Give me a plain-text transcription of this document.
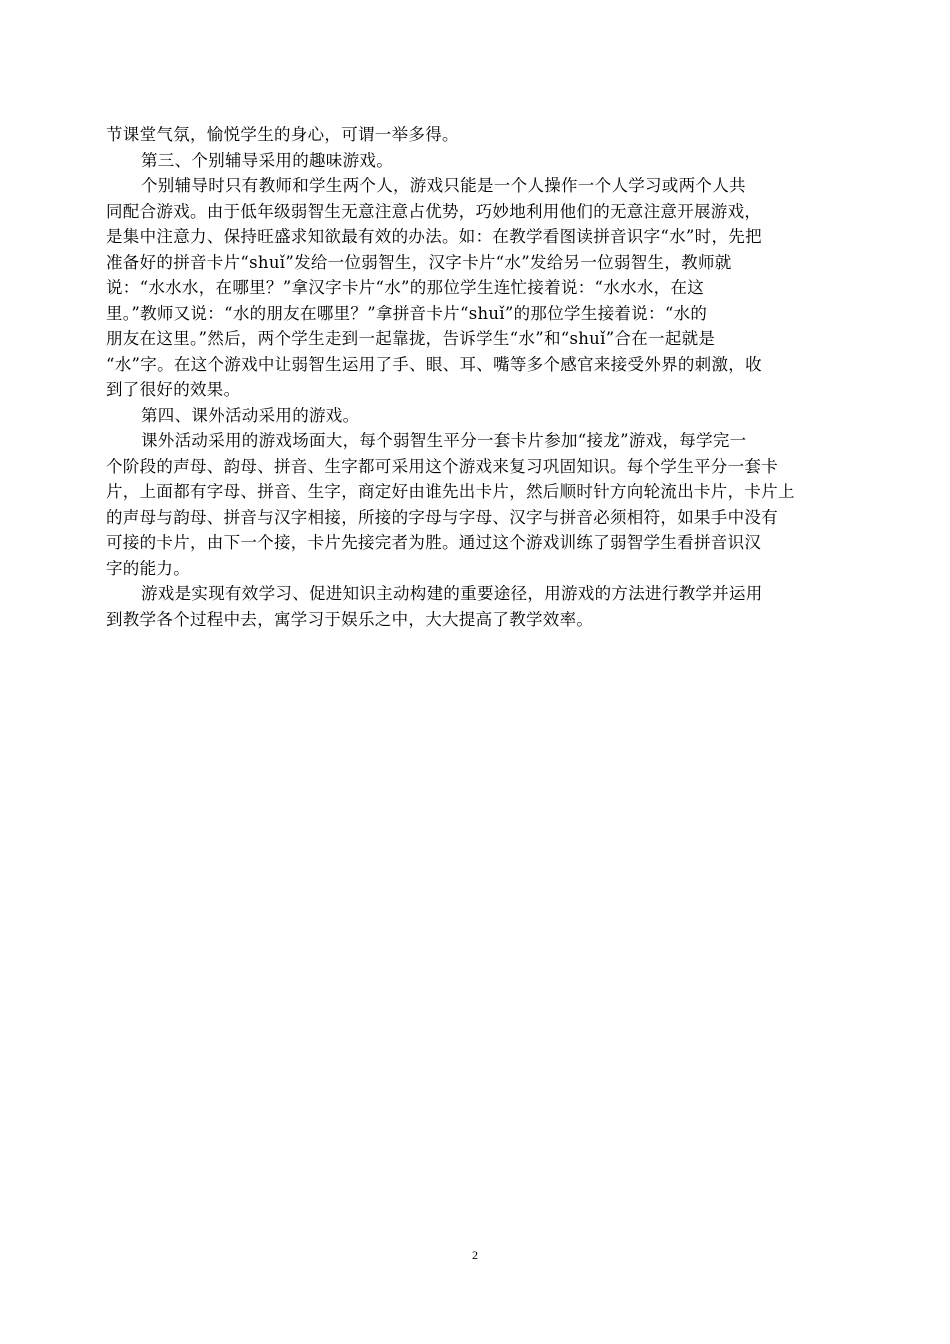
节课堂气氛，愉悦学生的身心，可谓一举多得。
第三、个别辅导采用的趣味游戏。
个别辅导时只有教师和学生两个人，游戏只能是一个人操作一个人学习或两个人共
同配合游戏。由于低年级弱智生无意注意占优势，巧妙地利用他们的无意注意开展游戏，
是集中注意力、保持旺盛求知欲最有效的办法。如：在教学看图读拼音识字“水”时，先把
准备好的拼音卡片“shuǐ”发给一位弱智生，汉字卡片“水”发给另一位弱智生，教师就
说：“水水水，在哪里？”拿汉字卡片“水”的那位学生连忙接着说：“水水水，在这
里。”教师又说：“水的朋友在哪里？”拿拼音卡片“shuǐ”的那位学生接着说：“水的
朋友在这里。”然后，两个学生走到一起靠拢，告诉学生“水”和“shuǐ”合在一起就是
“水”字。在这个游戏中让弱智生运用了手、眼、耳、嘴等多个感官来接受外界的刺激，收
到了很好的效果。
第四、课外活动采用的游戏。
课外活动采用的游戏场面大，每个弱智生平分一套卡片参加“接龙”游戏，每学完一
个阶段的声母、韵母、拼音、生字都可采用这个游戏来复习巩固知识。每个学生平分一套卡
片，上面都有字母、拼音、生字，商定好由谁先出卡片，然后顺时针方向轮流出卡片，卡片上
的声母与韵母、拼音与汉字相接，所接的字母与字母、汉字与拼音必须相符，如果手中没有
可接的卡片，由下一个接，卡片先接完者为胜。通过这个游戏训练了弱智学生看拼音识汉
字的能力。
游戏是实现有效学习、促进知识主动构建的重要途径，用游戏的方法进行教学并运用
到教学各个过程中去，寓学习于娱乐之中，大大提高了教学效率。
2
